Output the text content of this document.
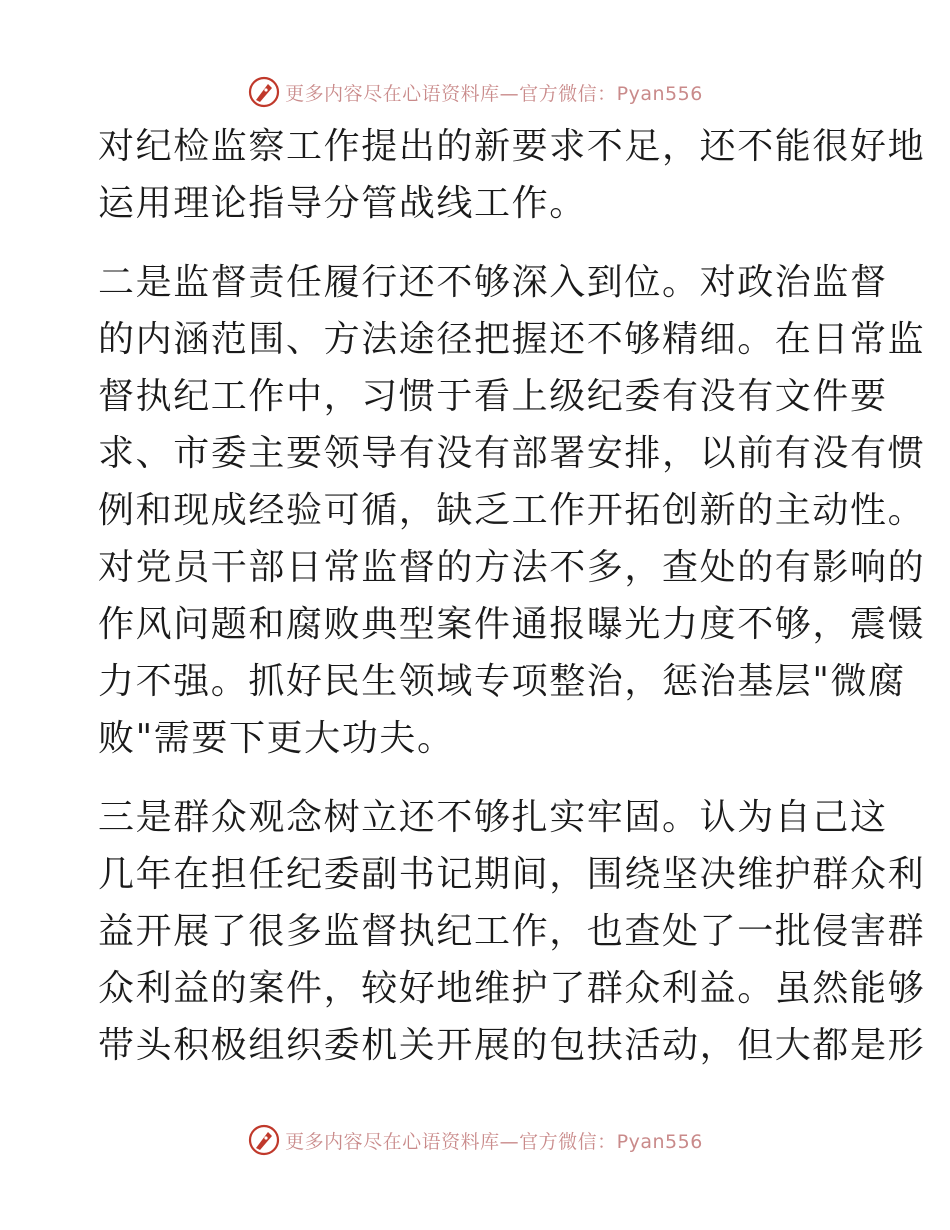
更多内容尽在心语资料库—官方微信：Pyan556
对纪检监察工作提出的新要求不足，还不能很好地
运用理论指导分管战线工作。
二是监督责任履行还不够深入到位。对政治监督
的内涵范围、方法途径把握还不够精细。在日常监
督执纪工作中，习惯于看上级纪委有没有文件要
求、市委主要领导有没有部署安排，以前有没有惯
例和现成经验可循，缺乏工作开拓创新的主动性。
对党员干部日常监督的方法不多，查处的有影响的
作风问题和腐败典型案件通报曝光力度不够，震慑
力不强。抓好民生领域专项整治，惩治基层"微腐
败"需要下更大功夫。
三是群众观念树立还不够扎实牢固。认为自己这
几年在担任纪委副书记期间，围绕坚决维护群众利
益开展了很多监督执纪工作，也查处了一批侵害群
众利益的案件，较好地维护了群众利益。虽然能够
带头积极组织委机关开展的包扶活动，但大都是形
更多内容尽在心语资料库—官方微信：Pyan556
